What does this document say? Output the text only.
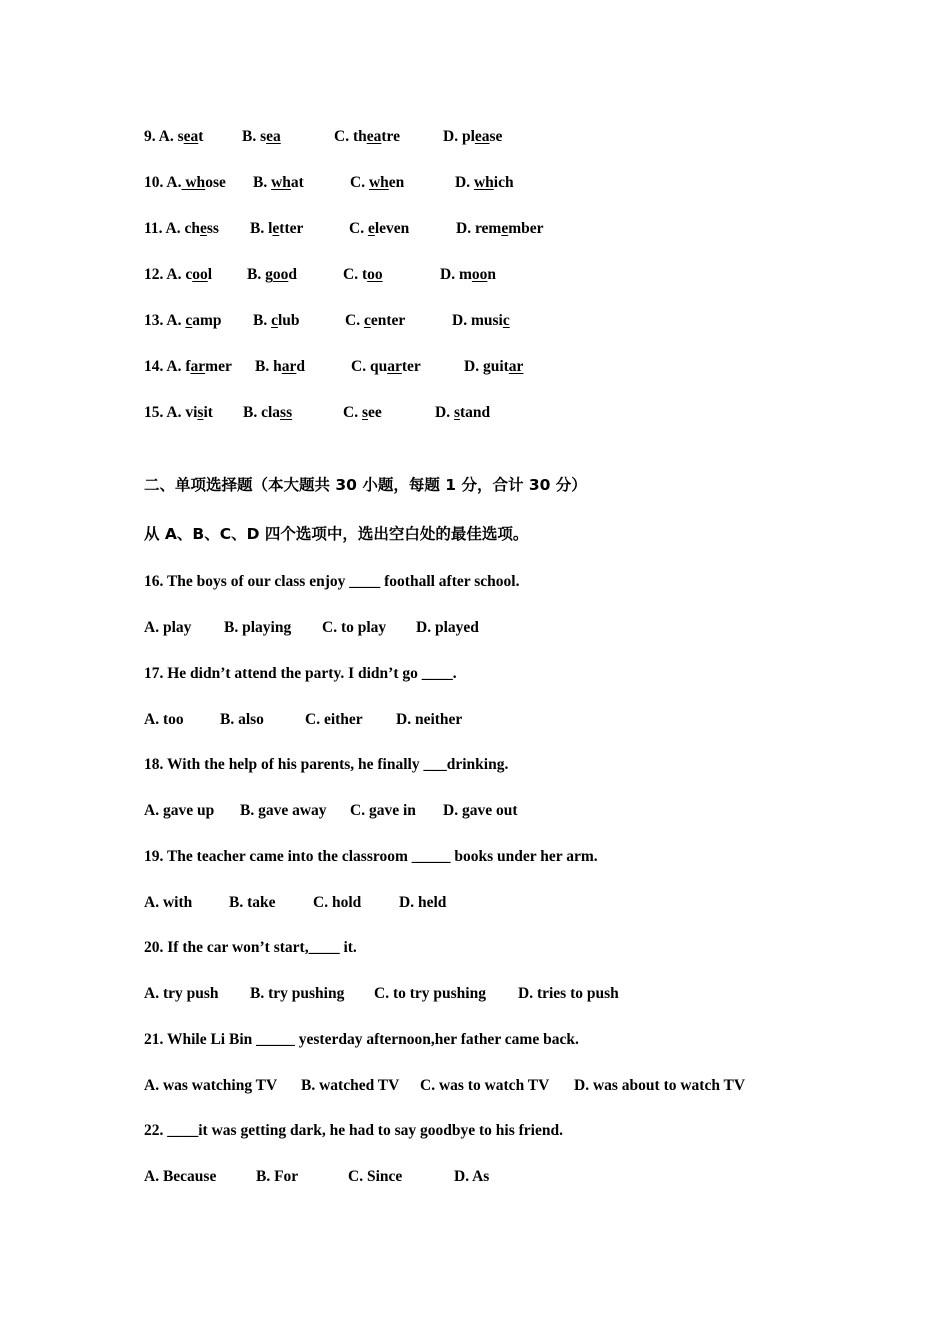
9. A. seat B. sea	C. theatre	D. please

10. A. whose B. what	C. when	D. which

11. A. chess B. letter	C. eleven	D. remember

12. A. cool B. good	C. too	D. moon

13. A. camp B. club	C. center	D. music

14. A. farmer B. hard	C. quarter	D. guitar

15. A. visit B. class	C. see	D. stand

二、单项选择题（本大题共 30 小题，每题 1 分，合计 30 分）

从 A、B、C、D 四个选项中，选出空白处的最佳选项。

16. The boys of our class enjoy ____ foothall after school.

A. play B. playing C. to play D. played

17. He didn’t attend the party. I didn’t go ____.

A. too B. also	C. either D. neither

18. With the help of his parents, he finally ___drinking.

A. gave up B. gave away C. gave in D. gave out

19. The teacher came into the classroom _____ books under her arm.

A. with B. take C. hold D. held

20. If the car won’t start,____ it.

A. try push B. try pushing C. to try pushing D. tries to push

21. While Li Bin _____ yesterday afternoon,her father came back.

A. was watching TV B. watched TV C. was to watch TV D. was about to watch TV

22. ____it was getting dark, he had to say goodbye to his friend.

A. Because	B. For	C. Since	D. As
